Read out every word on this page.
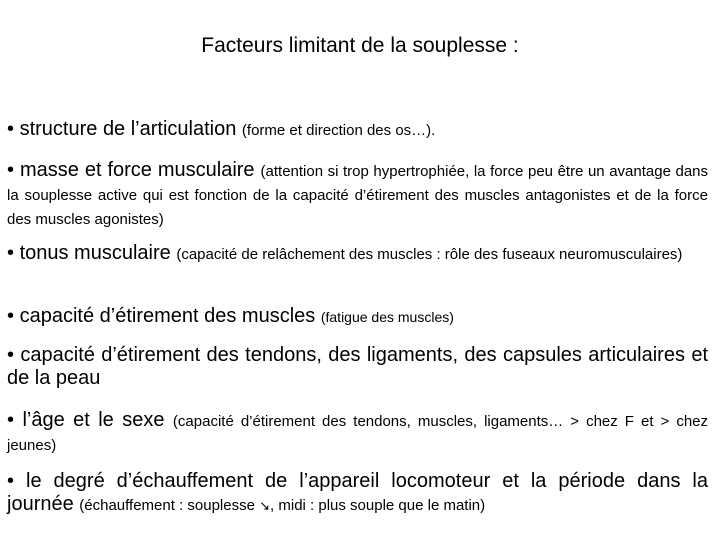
Facteurs limitant de la souplesse :

• structure de l’articulation (forme et direction des os…).

• masse et force musculaire (attention si trop hypertrophiée, la force peu être un avantage dans la souplesse active qui est fonction de la capacité d’étirement des muscles antagonistes et de la force des muscles agonistes)

• tonus musculaire (capacité de relâchement des muscles : rôle des fuseaux neuromusculaires)

• capacité d’étirement des muscles (fatigue des muscles)

• capacité d’étirement des tendons, des ligaments, des capsules articulaires et de la peau

• l’âge et le sexe (capacité d’étirement des tendons, muscles, ligaments… > chez F et > chez jeunes)

• le degré d’échauffement de l’appareil locomoteur et la période dans la journée (échauffement : souplesse ↘, midi : plus souple que le matin)
